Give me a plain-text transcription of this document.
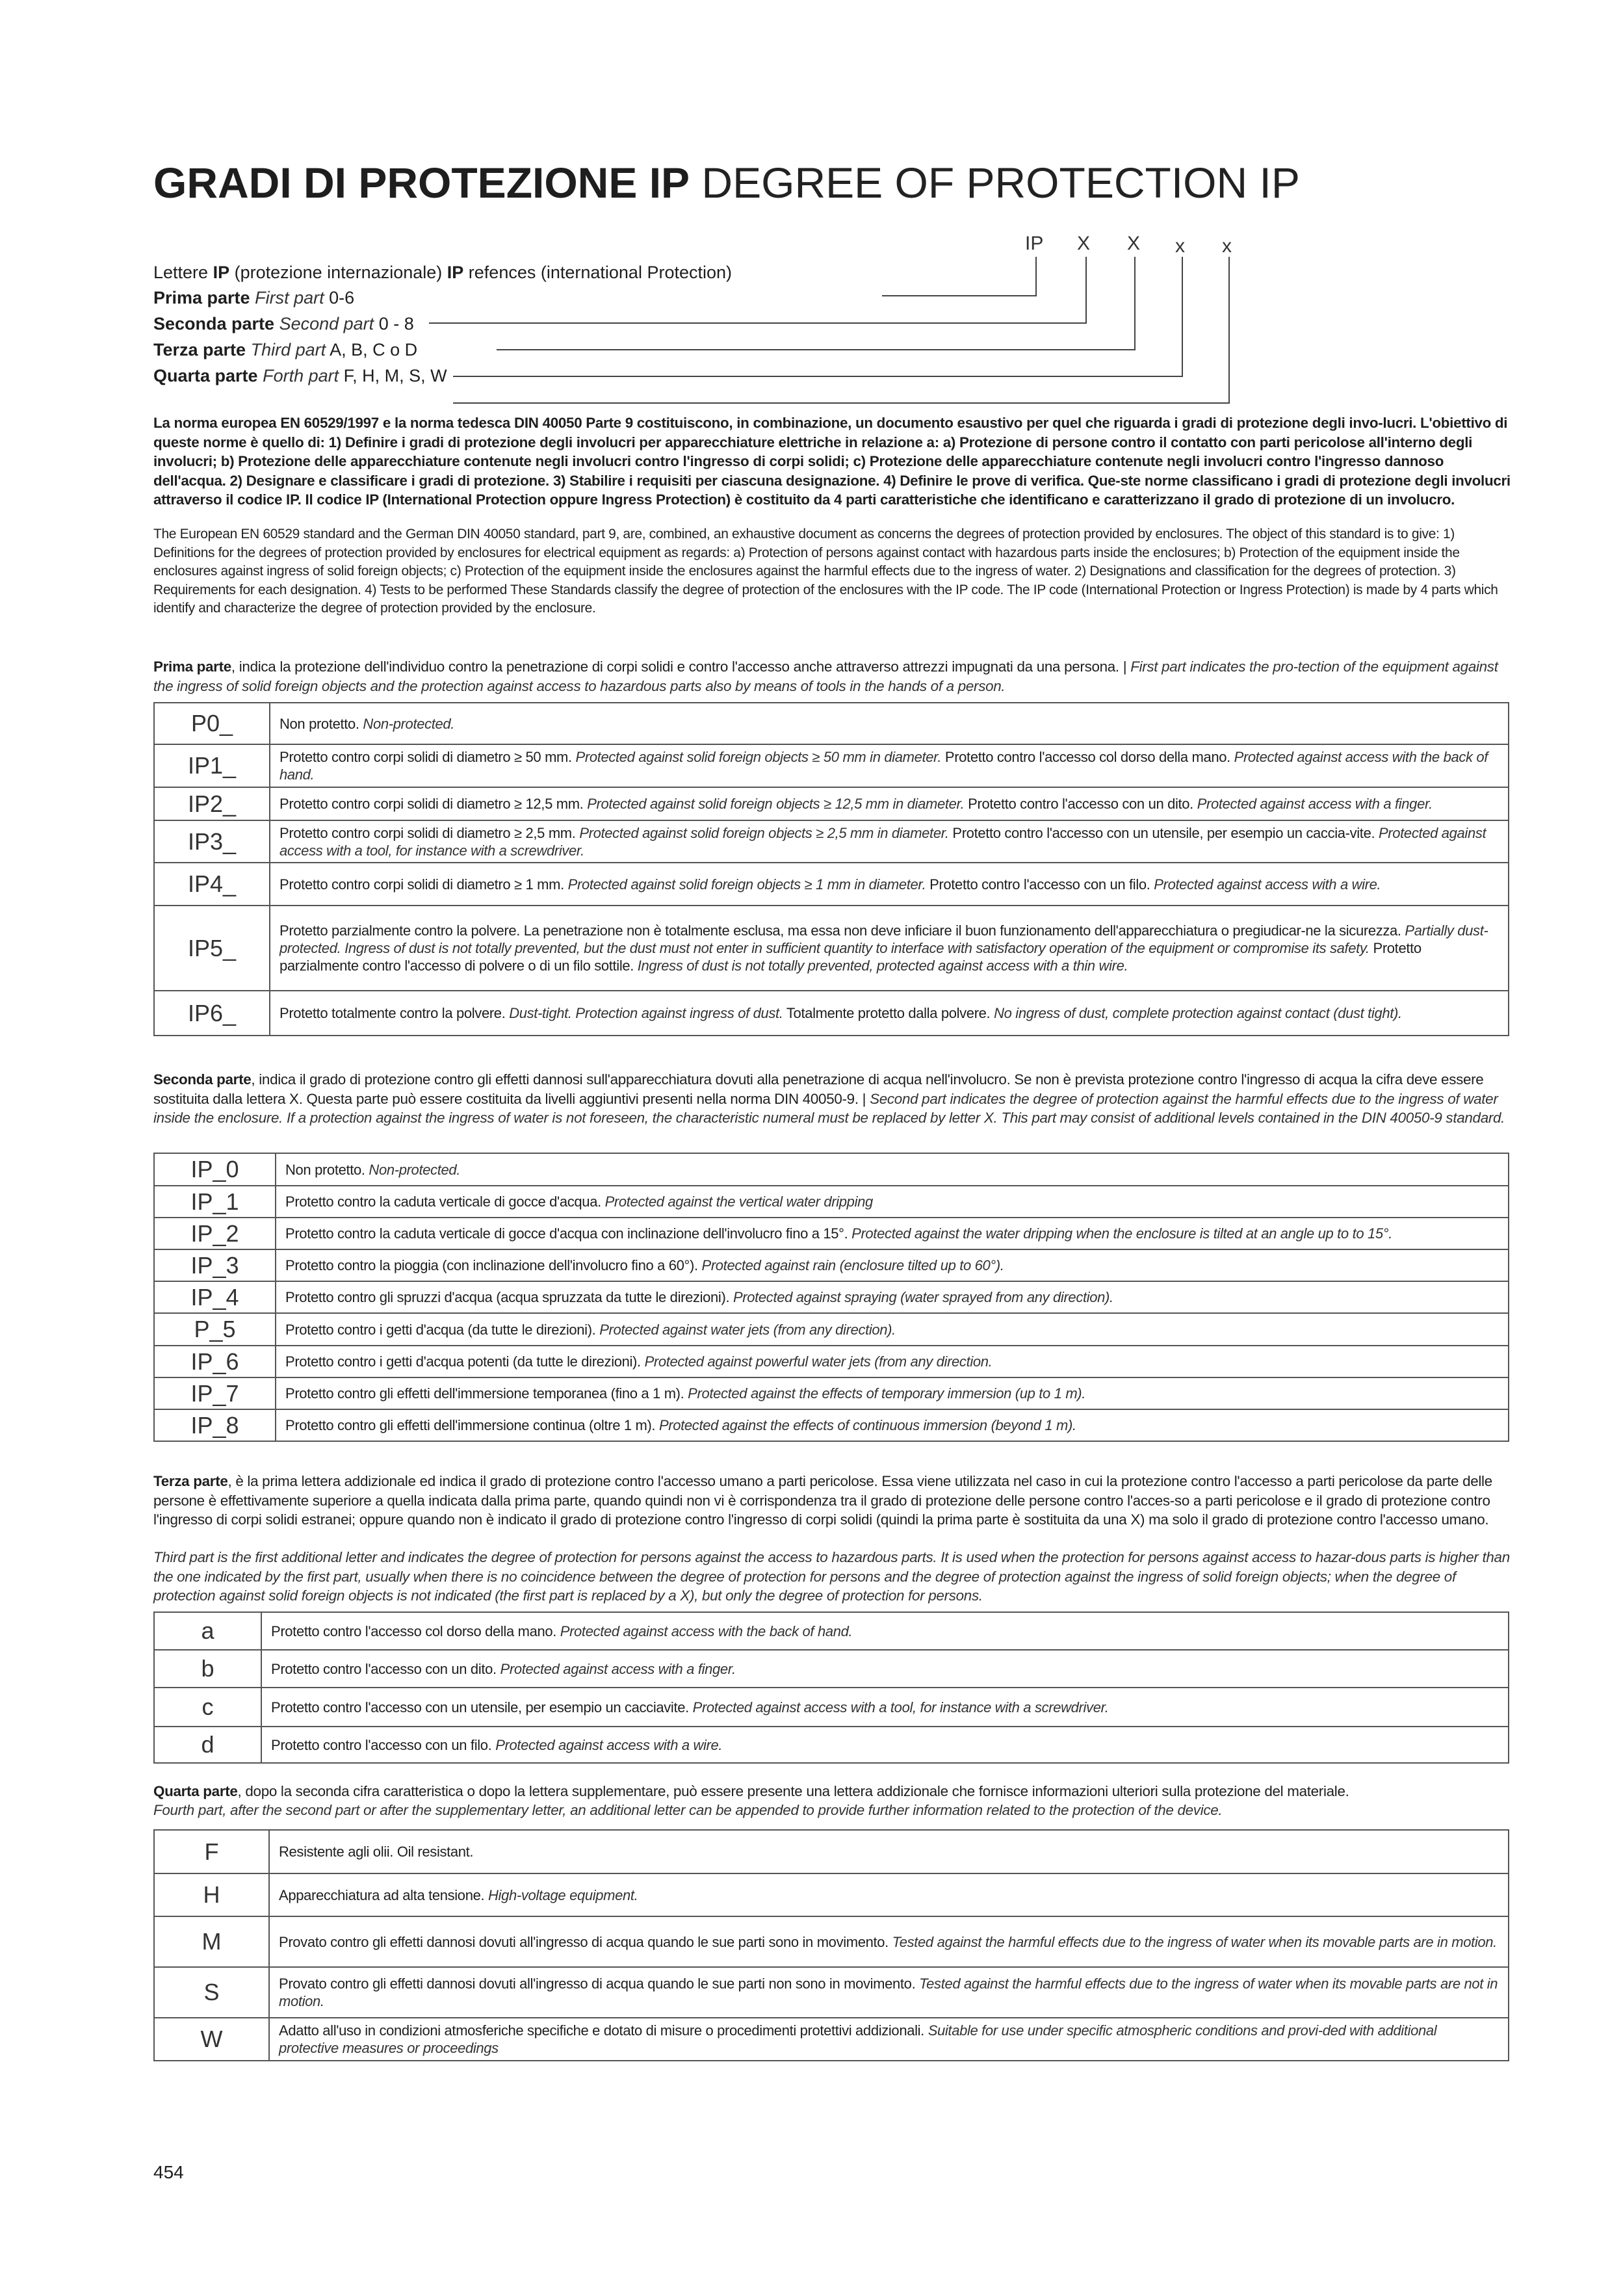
GRADI DI PROTEZIONE IP DEGREE OF PROTECTION IP
IP X X x x
Lettere IP (protezione internazionale) IP refences (international Protection)
Prima parte First part 0-6
Seconda parte Second part 0 - 8
Terza parte Third part A, B, C o D
Quarta parte Forth part F, H, M, S, W
La norma europea EN 60529/1997 e la norma tedesca DIN 40050 Parte 9 costituiscono, in combinazione, un documento esaustivo per quel che riguarda i gradi di protezione degli invo-lucri. L'obiettivo di queste norme è quello di: 1) Definire i gradi di protezione degli involucri per apparecchiature elettriche in relazione a: a) Protezione di persone contro il contatto con parti pericolose all'interno degli involucri; b) Protezione delle apparecchiature contenute negli involucri contro l'ingresso di corpi solidi; c) Protezione delle apparecchiature contenute negli involucri contro l'ingresso dannoso dell'acqua. 2) Designare e classificare i gradi di protezione. 3) Stabilire i requisiti per ciascuna designazione. 4) Definire le prove di verifica. Que-ste norme classificano i gradi di protezione degli involucri attraverso il codice IP. Il codice IP (International Protection oppure Ingress Protection) è costituito da 4 parti caratteristiche che identificano e caratterizzano il grado di protezione di un involucro.
The European EN 60529 standard and the German DIN 40050 standard, part 9, are, combined, an exhaustive document as concerns the degrees of protection provided by enclosures. The object of this standard is to give: 1) Definitions for the degrees of protection provided by enclosures for electrical equipment as regards: a) Protection of persons against contact with hazardous parts inside the enclosures; b) Protection of the equipment inside the enclosures against ingress of solid foreign objects; c) Protection of the equipment inside the enclosures against the harmful effects due to the ingress of water. 2) Designations and classification for the degrees of protection. 3) Requirements for each designation. 4) Tests to be performed These Standards classify the degree of protection of the enclosures with the IP code. The IP code (International Protection or Ingress Protection) is made by 4 parts which identify and characterize the degree of protection provided by the enclosure.
Prima parte, indica la protezione dell'individuo contro la penetrazione di corpi solidi e contro l'accesso anche attraverso attrezzi impugnati da una persona. | First part indicates the pro-tection of the equipment against the ingress of solid foreign objects and the protection against access to hazardous parts also by means of tools in the hands of a person.
P0_	Non protetto. Non-protected.
IP1_	Protetto contro corpi solidi di diametro ≥ 50 mm. Protected against solid foreign objects ≥ 50 mm in diameter. Protetto contro l'accesso col dorso della mano. Protected against access with the back of hand.
IP2_	Protetto contro corpi solidi di diametro ≥ 12,5 mm. Protected against solid foreign objects ≥ 12,5 mm in diameter. Protetto contro l'accesso con un dito. Protected against access with a finger.
IP3_	Protetto contro corpi solidi di diametro ≥ 2,5 mm. Protected against solid foreign objects ≥ 2,5 mm in diameter. Protetto contro l'accesso con un utensile, per esempio un caccia-vite. Protected against access with a tool, for instance with a screwdriver.
IP4_	Protetto contro corpi solidi di diametro ≥ 1 mm. Protected against solid foreign objects ≥ 1 mm in diameter. Protetto contro l'accesso con un filo. Protected against access with a wire.
IP5_	Protetto parzialmente contro la polvere. La penetrazione non è totalmente esclusa, ma essa non deve inficiare il buon funzionamento dell'apparecchiatura o pregiudicar-ne la sicurezza. Partially dust-protected. Ingress of dust is not totally prevented, but the dust must not enter in sufficient quantity to interface with satisfactory operation of the equipment or compromise its safety. Protetto parzialmente contro l'accesso di polvere o di un filo sottile. Ingress of dust is not totally prevented, protected against access with a thin wire.
IP6_	Protetto totalmente contro la polvere. Dust-tight. Protection against ingress of dust. Totalmente protetto dalla polvere. No ingress of dust, complete protection against contact (dust tight).
Seconda parte, indica il grado di protezione contro gli effetti dannosi sull'apparecchiatura dovuti alla penetrazione di acqua nell'involucro. Se non è prevista protezione contro l'ingresso di acqua la cifra deve essere sostituita dalla lettera X. Questa parte può essere costituita da livelli aggiuntivi presenti nella norma DIN 40050-9. | Second part indicates the degree of protection against the harmful effects due to the ingress of water inside the enclosure. If a protection against the ingress of water is not foreseen, the characteristic numeral must be replaced by letter X. This part may consist of additional levels contained in the DIN 40050-9 standard.
IP_0	Non protetto. Non-protected.
IP_1	Protetto contro la caduta verticale di gocce d'acqua. Protected against the vertical water dripping
IP_2	Protetto contro la caduta verticale di gocce d'acqua con inclinazione dell'involucro fino a 15°. Protected against the water dripping when the enclosure is tilted at an angle up to to 15°.
IP_3	Protetto contro la pioggia (con inclinazione dell'involucro fino a 60°). Protected against rain (enclosure tilted up to 60°).
IP_4	Protetto contro gli spruzzi d'acqua (acqua spruzzata da tutte le direzioni). Protected against spraying (water sprayed from any direction).
P_5	Protetto contro i getti d'acqua (da tutte le direzioni). Protected against water jets (from any direction).
IP_6	Protetto contro i getti d'acqua potenti (da tutte le direzioni). Protected against powerful water jets (from any direction.
IP_7	Protetto contro gli effetti dell'immersione temporanea (fino a 1 m). Protected against the effects of temporary immersion (up to 1 m).
IP_8	Protetto contro gli effetti dell'immersione continua (oltre 1 m). Protected against the effects of continuous immersion (beyond 1 m).
Terza parte, è la prima lettera addizionale ed indica il grado di protezione contro l'accesso umano a parti pericolose. Essa viene utilizzata nel caso in cui la protezione contro l'accesso a parti pericolose da parte delle persone è effettivamente superiore a quella indicata dalla prima parte, quando quindi non vi è corrispondenza tra il grado di protezione delle persone contro l'acces-so a parti pericolose e il grado di protezione contro l'ingresso di corpi solidi estranei; oppure quando non è indicato il grado di protezione contro l'ingresso di corpi solidi (quindi la prima parte è sostituita da una X) ma solo il grado di protezione contro l'accesso umano.
Third part is the first additional letter and indicates the degree of protection for persons against the access to hazardous parts. It is used when the protection for persons against access to hazar-dous parts is higher than the one indicated by the first part, usually when there is no coincidence between the degree of protection for persons and the degree of protection against the ingress of solid foreign objects; when the degree of protection against solid foreign objects is not indicated (the first part is replaced by a X), but only the degree of protection for persons.
a	Protetto contro l'accesso col dorso della mano. Protected against access with the back of hand.
b	Protetto contro l'accesso con un dito. Protected against access with a finger.
c	Protetto contro l'accesso con un utensile, per esempio un cacciavite. Protected against access with a tool, for instance with a screwdriver.
d	Protetto contro l'accesso con un filo. Protected against access with a wire.
Quarta parte, dopo la seconda cifra caratteristica o dopo la lettera supplementare, può essere presente una lettera addizionale che fornisce informazioni ulteriori sulla protezione del materiale.
Fourth part, after the second part or after the supplementary letter, an additional letter can be appended to provide further information related to the protection of the device.
F	Resistente agli olii. Oil resistant.
H	Apparecchiatura ad alta tensione. High-voltage equipment.
M	Provato contro gli effetti dannosi dovuti all'ingresso di acqua quando le sue parti sono in movimento. Tested against the harmful effects due to the ingress of water when its movable parts are in motion.
S	Provato contro gli effetti dannosi dovuti all'ingresso di acqua quando le sue parti non sono in movimento. Tested against the harmful effects due to the ingress of water when its movable parts are not in motion.
W	Adatto all'uso in condizioni atmosferiche specifiche e dotato di misure o procedimenti protettivi addizionali. Suitable for use under specific atmospheric conditions and provi-ded with additional protective measures or proceedings
454
